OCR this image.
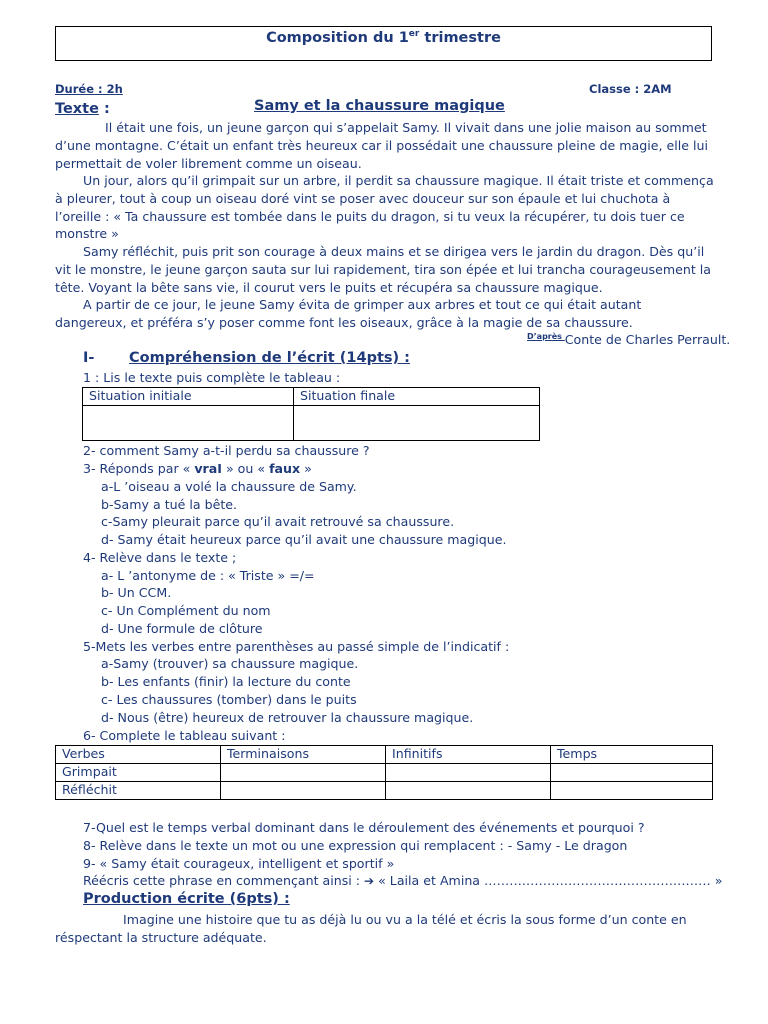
Composition du 1er trimestre
Durée : 2h	Classe : 2AM
Texte :	Samy et la chaussure magique
Il était une fois, un jeune garçon qui s’appelait Samy. Il vivait dans une jolie maison au sommet d’une montagne. C’était un enfant très heureux car il possédait une chaussure pleine de magie, elle lui permettait de voler librement comme un oiseau.
Un jour, alors qu’il grimpait sur un arbre, il perdit sa chaussure magique. Il était triste et commença à pleurer, tout à coup un oiseau doré vint se poser avec douceur sur son épaule et lui chuchota à l’oreille : « Ta chaussure est tombée dans le puits du dragon, si tu veux la récupérer, tu dois tuer ce monstre »
Samy réfléchit, puis prit son courage à deux mains et se dirigea vers le jardin du dragon. Dès qu’il vit le monstre, le jeune garçon sauta sur lui rapidement, tira son épée et lui trancha courageusement la tête. Voyant la bête sans vie, il courut vers le puits et récupéra sa chaussure magique.
A partir de ce jour, le jeune Samy évita de grimper aux arbres et tout ce qui était autant dangereux, et préféra s’y poser comme font les oiseaux, grâce à la magie de sa chaussure.
$^{D’après}$ Conte de Charles Perrault.
I- Compréhension de l’écrit (14pts) :
1 : Lis le texte puis complète le tableau :
Situation initiale	Situation finale

2- comment Samy a-t-il perdu sa chaussure ?
3- Réponds par « vraI » ou « faux »
a-L ’oiseau a volé la chaussure de Samy.
b-Samy a tué la bête.
c-Samy pleurait parce qu’il avait retrouvé sa chaussure.
d- Samy était heureux parce qu’il avait une chaussure magique.
4- Relève dans le texte ;
a- L ’antonyme de : « Triste » =/=
b- Un CCM.
c- Un Complément du nom
d- Une formule de clôture
5-Mets les verbes entre parenthèses au passé simple de l’indicatif :
a-Samy (trouver) sa chaussure magique.
b- Les enfants (finir) la lecture du conte
c- Les chaussures (tomber) dans le puits
d- Nous (être) heureux de retrouver la chaussure magique.
6- Complete le tableau suivant :
Verbes	Terminaisons	Infinitifs	Temps
Grimpait			
Réfléchit			
7-Quel est le temps verbal dominant dans le déroulement des événements et pourquoi ?
8- Relève dans le texte un mot ou une expression qui remplacent : - Samy - Le dragon
9- « Samy était courageux, intelligent et sportif »
Réécris cette phrase en commençant ainsi : ➔ « Laila et Amina ……………………………………………… »
Production écrite (6pts) :
Imagine une histoire que tu as déjà lu ou vu a la télé et écris la sous forme d’un conte en réspectant la structure adéquate.
